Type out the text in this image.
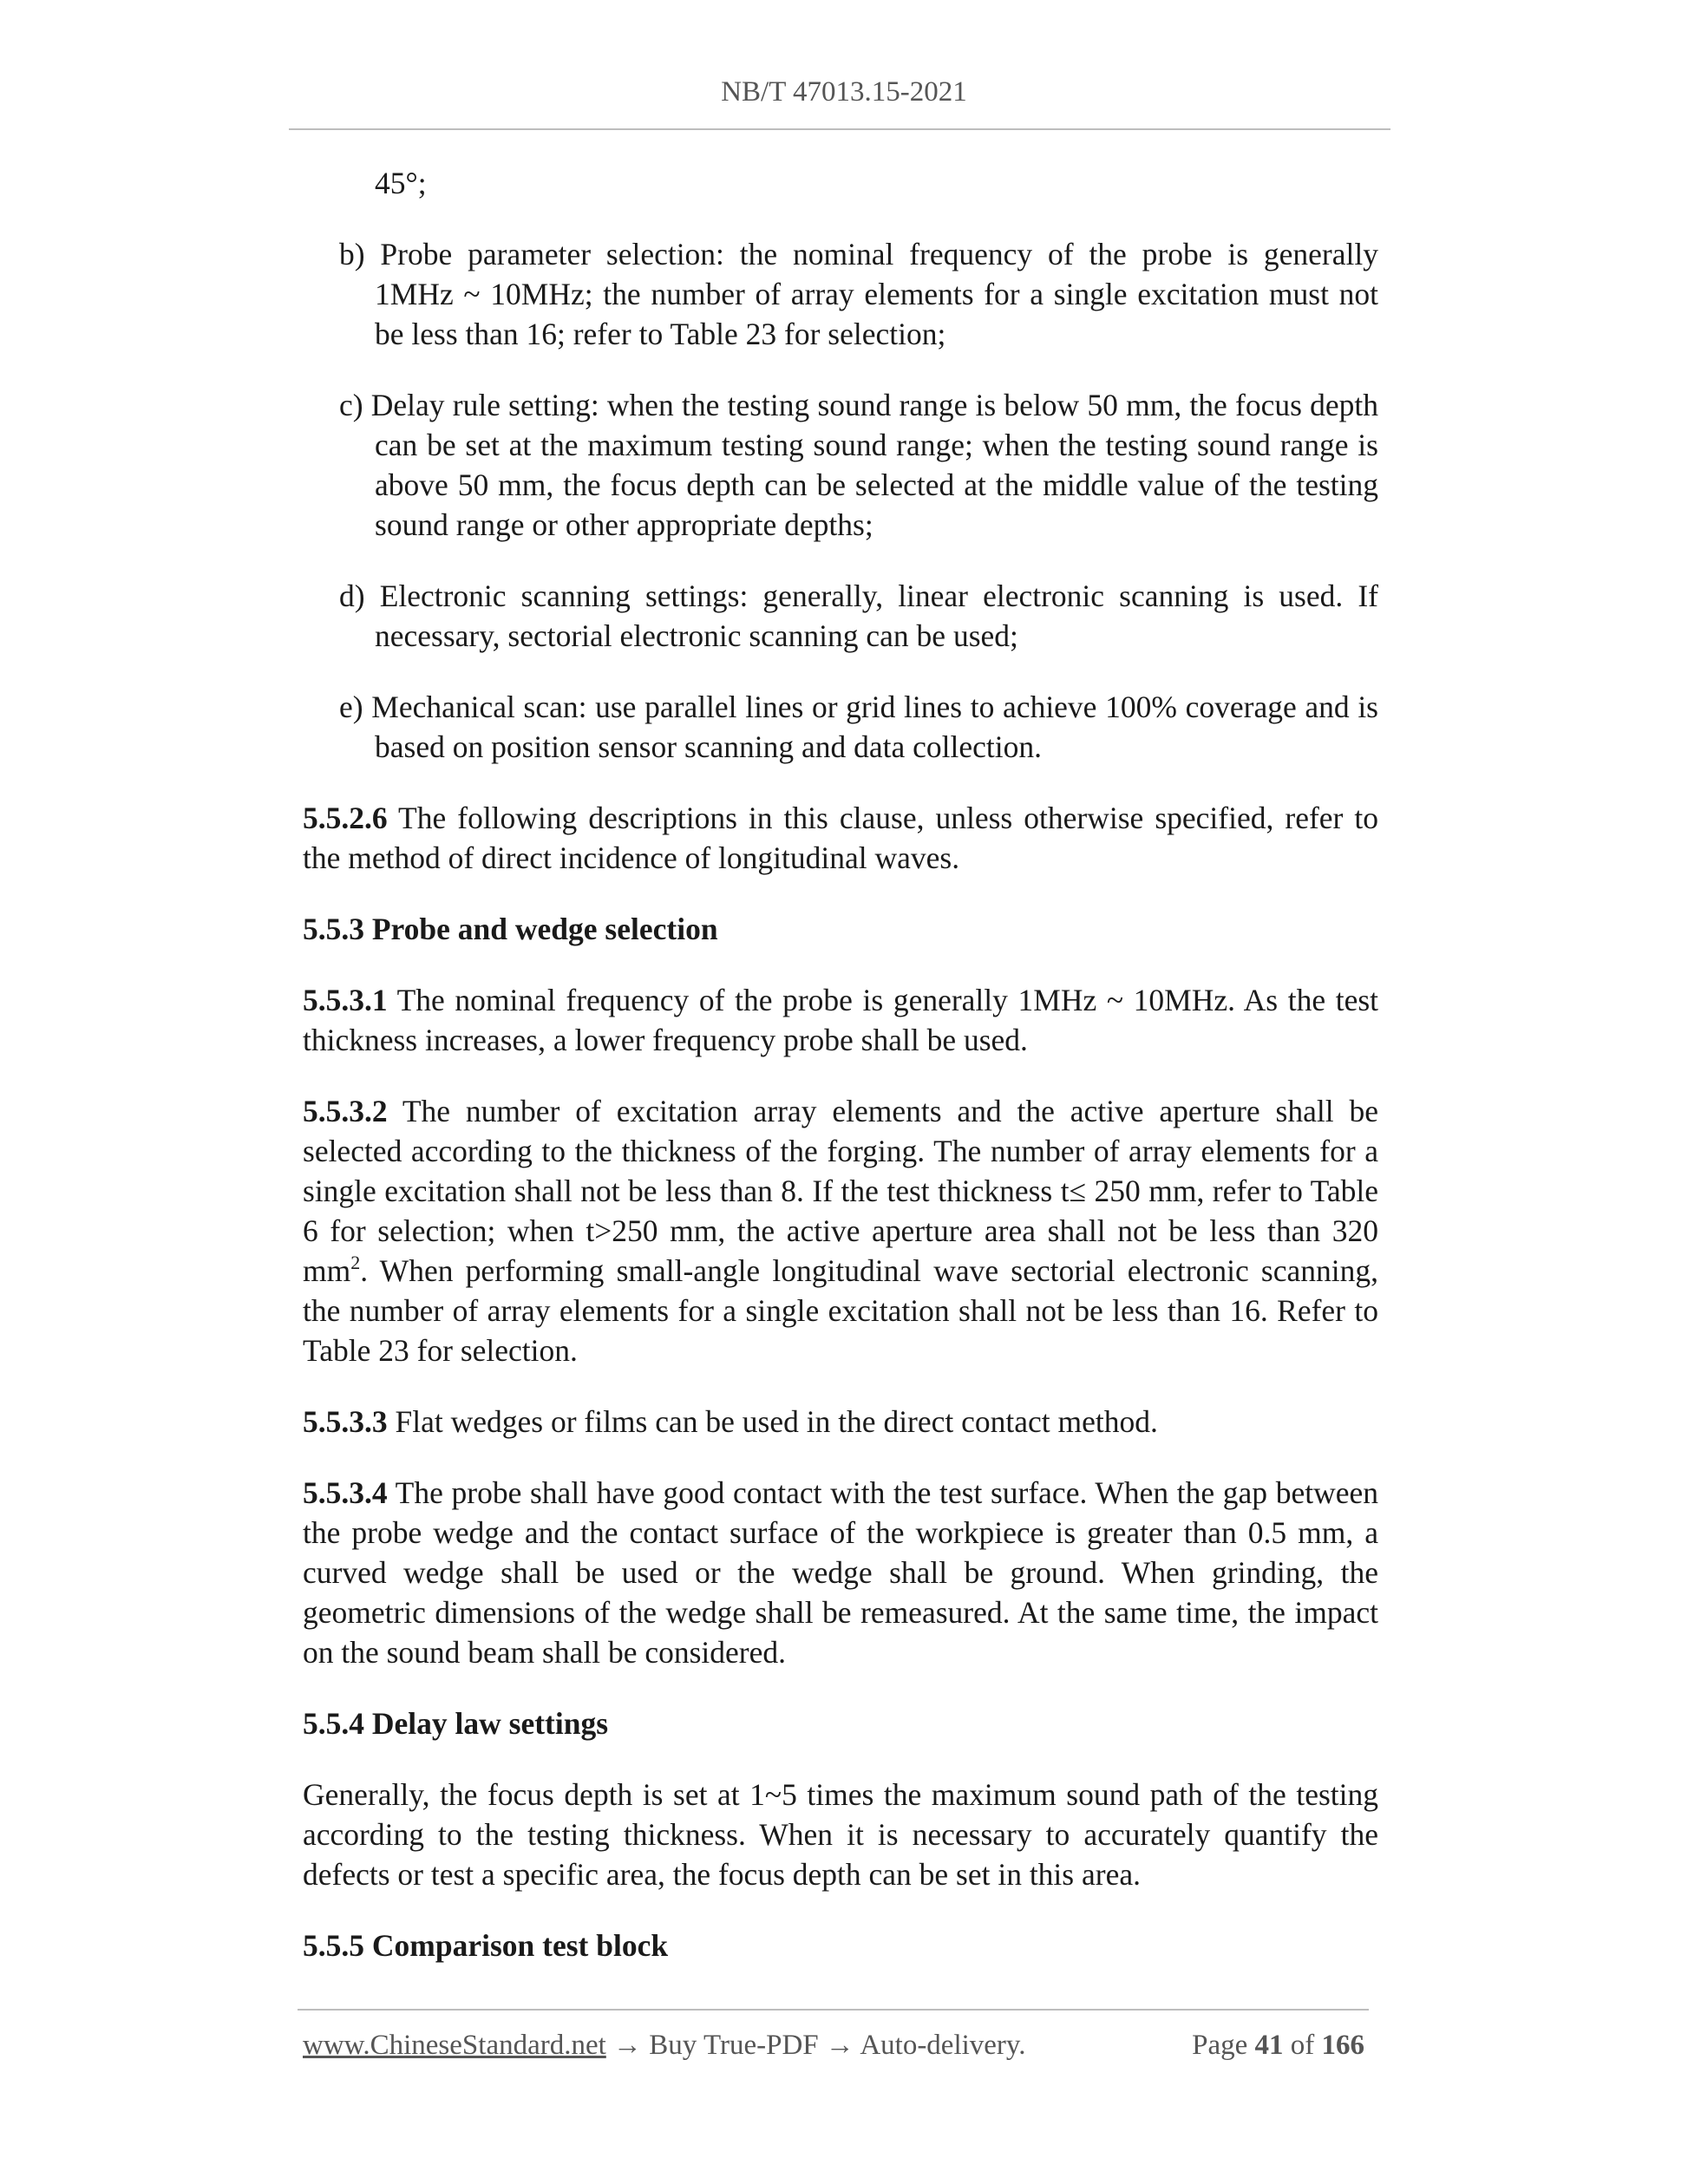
NB/T 47013.15-2021

45°;

b) Probe parameter selection: the nominal frequency of the probe is generally 1MHz ~ 10MHz; the number of array elements for a single excitation must not be less than 16; refer to Table 23 for selection;

c) Delay rule setting: when the testing sound range is below 50 mm, the focus depth can be set at the maximum testing sound range; when the testing sound range is above 50 mm, the focus depth can be selected at the middle value of the testing sound range or other appropriate depths;

d) Electronic scanning settings: generally, linear electronic scanning is used. If necessary, sectorial electronic scanning can be used;

e) Mechanical scan: use parallel lines or grid lines to achieve 100% coverage and is based on position sensor scanning and data collection.

5.5.2.6 The following descriptions in this clause, unless otherwise specified, refer to the method of direct incidence of longitudinal waves.

5.5.3 Probe and wedge selection

5.5.3.1 The nominal frequency of the probe is generally 1MHz ~ 10MHz. As the test thickness increases, a lower frequency probe shall be used.

5.5.3.2 The number of excitation array elements and the active aperture shall be selected according to the thickness of the forging. The number of array elements for a single excitation shall not be less than 8. If the test thickness t≤ 250 mm, refer to Table 6 for selection; when t>250 mm, the active aperture area shall not be less than 320 $mm^2$. When performing small-angle longitudinal wave sectorial electronic scanning, the number of array elements for a single excitation shall not be less than 16. Refer to Table 23 for selection.

5.5.3.3 Flat wedges or films can be used in the direct contact method.

5.5.3.4 The probe shall have good contact with the test surface. When the gap between the probe wedge and the contact surface of the workpiece is greater than 0.5 mm, a curved wedge shall be used or the wedge shall be ground. When grinding, the geometric dimensions of the wedge shall be remeasured. At the same time, the impact on the sound beam shall be considered.

5.5.4 Delay law settings

Generally, the focus depth is set at 1~5 times the maximum sound path of the testing according to the testing thickness. When it is necessary to accurately quantify the defects or test a specific area, the focus depth can be set in this area.

5.5.5 Comparison test block

www.ChineseStandard.net → Buy True-PDF → Auto-delivery.	Page 41 of 166
